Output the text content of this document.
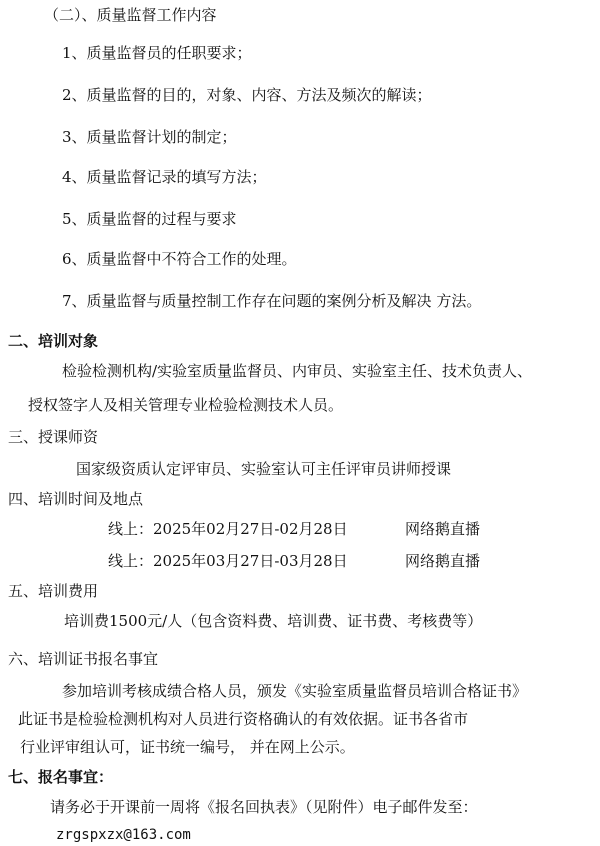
（二）、质量监督工作内容
1、质量监督员的任职要求；
2、质量监督的目的，对象、内容、方法及频次的解读；
3、质量监督计划的制定；
4、质量监督记录的填写方法；
5、质量监督的过程与要求
6、质量监督中不符合工作的处理。
7、质量监督与质量控制工作存在问题的案例分析及解决 方法。
二、培训对象
检验检测机构/实验室质量监督员、内审员、实验室主任、技术负责人、
授权签字人及相关管理专业检验检测技术人员。
三、授课师资
国家级资质认定评审员、实验室认可主任评审员讲师授课
四、培训时间及地点
线上：2025年02月27日-02月28日	网络鹅直播
线上：2025年03月27日-03月28日	网络鹅直播
五、培训费用
培训费1500元/人（包含资料费、培训费、证书费、考核费等）
六、培训证书报名事宜
参加培训考核成绩合格人员，颁发《实验室质量监督员培训合格证书》
此证书是检验检测机构对人员进行资格确认的有效依据。证书各省市
行业评审组认可，证书统一编号， 并在网上公示。
七、报名事宜：
请务必于开课前一周将《报名回执表》（见附件）电子邮件发至：
zrgspxzx@163.com
